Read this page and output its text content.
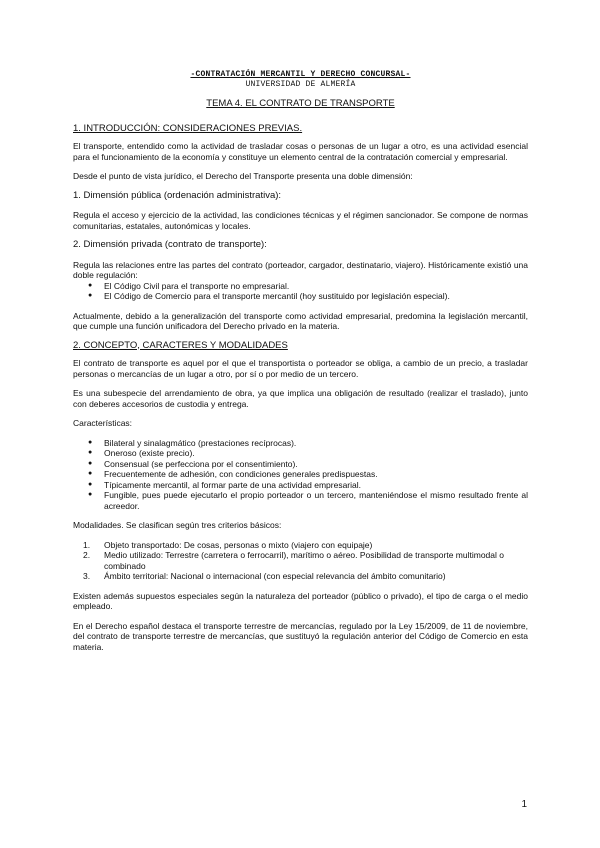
-CONTRATACIÓN MERCANTIL Y DERECHO CONCURSAL-
UNIVERSIDAD DE ALMERÍA
TEMA 4. EL CONTRATO DE TRANSPORTE
1. INTRODUCCIÓN: CONSIDERACIONES PREVIAS.

El transporte, entendido como la actividad de trasladar cosas o personas de un lugar a otro, es una actividad esencial para el funcionamiento de la economía y constituye un elemento central de la contratación comercial y empresarial.

Desde el punto de vista jurídico, el Derecho del Transporte presenta una doble dimensión:

1. Dimensión pública (ordenación administrativa):

Regula el acceso y ejercicio de la actividad, las condiciones técnicas y el régimen sancionador. Se compone de normas comunitarias, estatales, autonómicas y locales.

2. Dimensión privada (contrato de transporte):

Regula las relaciones entre las partes del contrato (porteador, cargador, destinatario, viajero). Históricamente existió una doble regulación:

● El Código Civil para el transporte no empresarial.
● El Código de Comercio para el transporte mercantil (hoy sustituido por legislación especial).

Actualmente, debido a la generalización del transporte como actividad empresarial, predomina la legislación mercantil, que cumple una función unificadora del Derecho privado en la materia.

2. CONCEPTO, CARACTERES Y MODALIDADES

El contrato de transporte es aquel por el que el transportista o porteador se obliga, a cambio de un precio, a trasladar personas o mercancías de un lugar a otro, por sí o por medio de un tercero.

Es una subespecie del arrendamiento de obra, ya que implica una obligación de resultado (realizar el traslado), junto con deberes accesorios de custodia y entrega.

Características:

● Bilateral y sinalagmático (prestaciones recíprocas).
● Oneroso (existe precio).
● Consensual (se perfecciona por el consentimiento).
● Frecuentemente de adhesión, con condiciones generales predispuestas.
● Típicamente mercantil, al formar parte de una actividad empresarial.
● Fungible, pues puede ejecutarlo el propio porteador o un tercero, manteniéndose el mismo resultado frente al acreedor.

Modalidades. Se clasifican según tres criterios básicos:

1. Objeto transportado: De cosas, personas o mixto (viajero con equipaje)
2. Medio utilizado: Terrestre (carretera o ferrocarril), marítimo o aéreo. Posibilidad de transporte multimodal o combinado
3. Ámbito territorial: Nacional o internacional (con especial relevancia del ámbito comunitario)

Existen además supuestos especiales según la naturaleza del porteador (público o privado), el tipo de carga o el medio empleado.

En el Derecho español destaca el transporte terrestre de mercancías, regulado por la Ley 15/2009, de 11 de noviembre, del contrato de transporte terrestre de mercancías, que sustituyó la regulación anterior del Código de Comercio en esta materia.

1
